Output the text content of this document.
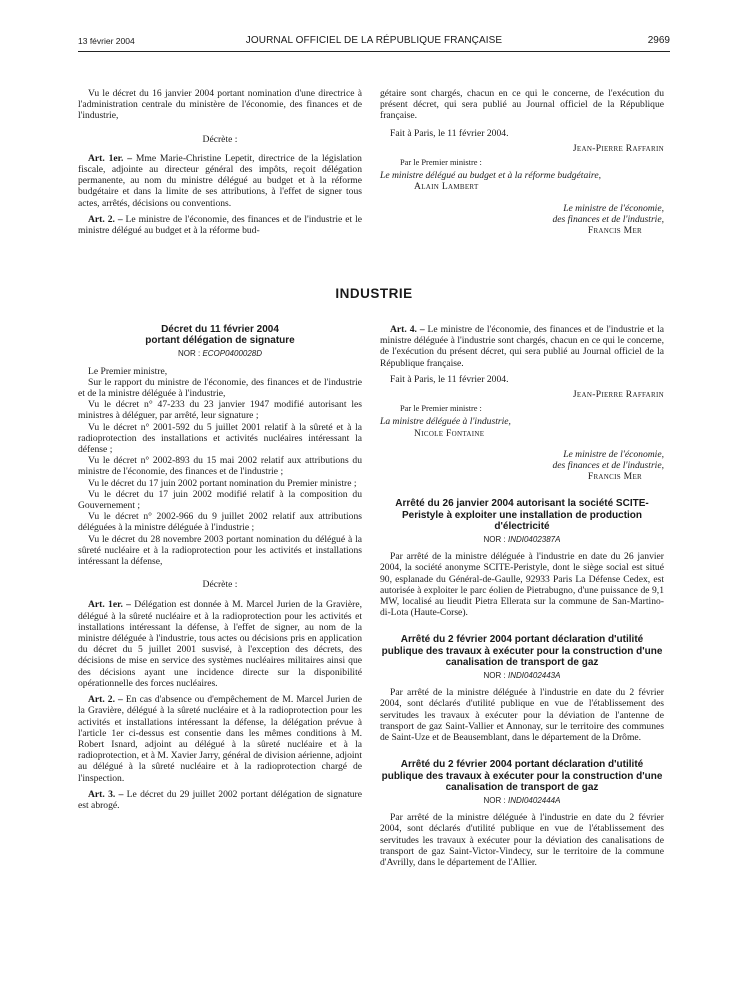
13 février 2004	JOURNAL OFFICIEL DE LA RÉPUBLIQUE FRANÇAISE	2969

Vu le décret du 16 janvier 2004 portant nomination d'une directrice à l'administration centrale du ministère de l'économie, des finances et de l'industrie,

Décrète :

Art. 1er. – Mme Marie-Christine Lepetit, directrice de la législation fiscale, adjointe au directeur général des impôts, reçoit délégation permanente, au nom du ministre délégué au budget et à la réforme budgétaire et dans la limite de ses attributions, à l'effet de signer tous actes, arrêtés, décisions ou conventions.

Art. 2. – Le ministre de l'économie, des finances et de l'industrie et le ministre délégué au budget et à la réforme bud-

gétaire sont chargés, chacun en ce qui le concerne, de l'exécution du présent décret, qui sera publié au Journal officiel de la République française.

Fait à Paris, le 11 février 2004.

Jean-Pierre Raffarin

Par le Premier ministre :

Le ministre délégué au budget et à la réforme budgétaire,

Alain Lambert

Le ministre de l'économie,

des finances et de l'industrie,

Francis Mer

INDUSTRIE
Décret du 11 février 2004
portant délégation de signature
NOR : ECOP0400028D

Le Premier ministre,

Sur le rapport du ministre de l'économie, des finances et de l'industrie et de la ministre déléguée à l'industrie,

Vu le décret n° 47-233 du 23 janvier 1947 modifié autorisant les ministres à déléguer, par arrêté, leur signature ;

Vu le décret n° 2001-592 du 5 juillet 2001 relatif à la sûreté et à la radioprotection des installations et activités nucléaires intéressant la défense ;

Vu le décret n° 2002-893 du 15 mai 2002 relatif aux attributions du ministre de l'économie, des finances et de l'industrie ;

Vu le décret du 17 juin 2002 portant nomination du Premier ministre ;

Vu le décret du 17 juin 2002 modifié relatif à la composition du Gouvernement ;

Vu le décret n° 2002-966 du 9 juillet 2002 relatif aux attributions déléguées à la ministre déléguée à l'industrie ;

Vu le décret du 28 novembre 2003 portant nomination du délégué à la sûreté nucléaire et à la radioprotection pour les activités et installations intéressant la défense,

Décrète :

Art. 1er. – Délégation est donnée à M. Marcel Jurien de la Gravière, délégué à la sûreté nucléaire et à la radioprotection pour les activités et installations intéressant la défense, à l'effet de signer, au nom de la ministre déléguée à l'industrie, tous actes ou décisions pris en application du décret du 5 juillet 2001 susvisé, à l'exception des décrets, des décisions de mise en service des systèmes nucléaires militaires ainsi que des décisions ayant une incidence directe sur la disponibilité opérationnelle des forces nucléaires.

Art. 2. – En cas d'absence ou d'empêchement de M. Marcel Jurien de la Gravière, délégué à la sûreté nucléaire et à la radioprotection pour les activités et installations intéressant la défense, la délégation prévue à l'article 1er ci-dessus est consentie dans les mêmes conditions à M. Robert Isnard, adjoint au délégué à la sûreté nucléaire et à la radioprotection, et à M. Xavier Jarry, général de division aérienne, adjoint au délégué à la sûreté nucléaire et à la radioprotection chargé de l'inspection.

Art. 3. – Le décret du 29 juillet 2002 portant délégation de signature est abrogé.

Art. 4. – Le ministre de l'économie, des finances et de l'industrie et la ministre déléguée à l'industrie sont chargés, chacun en ce qui le concerne, de l'exécution du présent décret, qui sera publié au Journal officiel de la République française.

Fait à Paris, le 11 février 2004.

Jean-Pierre Raffarin

Par le Premier ministre :

La ministre déléguée à l'industrie,

Nicole Fontaine

Le ministre de l'économie,

des finances et de l'industrie,

Francis Mer

Arrêté du 26 janvier 2004 autorisant la société SCITE-Peristyle à exploiter une installation de production d'électricité
NOR : INDI0402387A

Par arrêté de la ministre déléguée à l'industrie en date du 26 janvier 2004, la société anonyme SCITE-Peristyle, dont le siège social est situé 90, esplanade du Général-de-Gaulle, 92933 Paris La Défense Cedex, est autorisée à exploiter le parc éolien de Pietrabugno, d'une puissance de 9,1 MW, localisé au lieudit Pietra Ellerata sur la commune de San-Martino-di-Lota (Haute-Corse).

Arrêté du 2 février 2004 portant déclaration d'utilité publique des travaux à exécuter pour la construction d'une canalisation de transport de gaz
NOR : INDI0402443A

Par arrêté de la ministre déléguée à l'industrie en date du 2 février 2004, sont déclarés d'utilité publique en vue de l'établissement des servitudes les travaux à exécuter pour la déviation de l'antenne de transport de gaz Saint-Vallier et Annonay, sur le territoire des communes de Saint-Uze et de Beausemblant, dans le département de la Drôme.

Arrêté du 2 février 2004 portant déclaration d'utilité publique des travaux à exécuter pour la construction d'une canalisation de transport de gaz
NOR : INDI0402444A

Par arrêté de la ministre déléguée à l'industrie en date du 2 février 2004, sont déclarés d'utilité publique en vue de l'établissement des servitudes les travaux à exécuter pour la déviation des canalisations de transport de gaz Saint-Victor-Vindecy, sur le territoire de la commune d'Avrilly, dans le département de l'Allier.
